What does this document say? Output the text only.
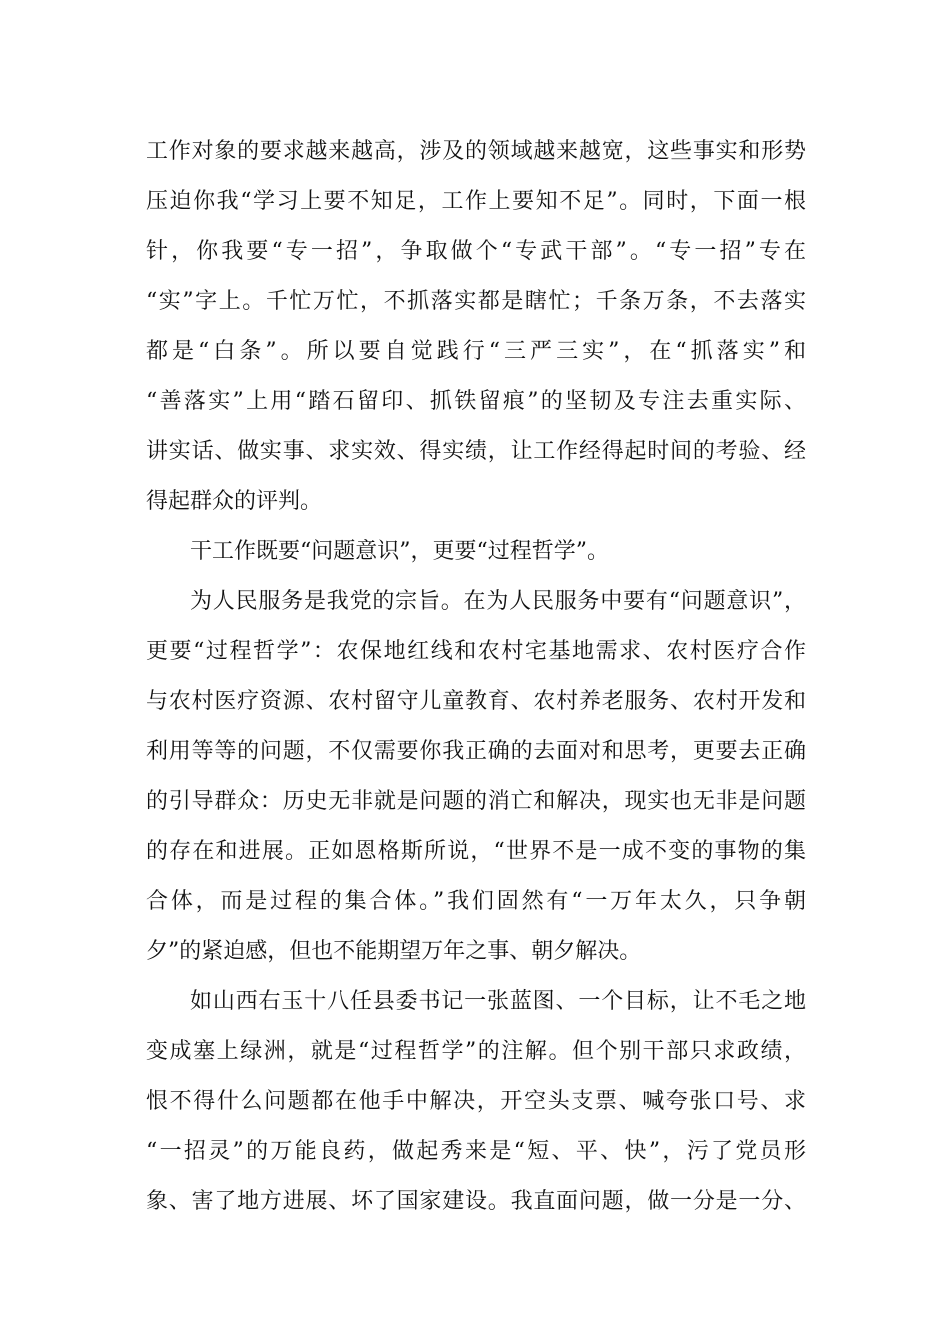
工作对象的要求越来越高，涉及的领域越来越宽，这些事实和形势
压迫你我“学习上要不知足，工作上要知不足”。同时，下面一根
针，你我要“专一招”，争取做个“专武干部”。“专一招”专在
“实”字上。千忙万忙，不抓落实都是瞎忙；千条万条，不去落实
都是“白条”。所以要自觉践行“三严三实”，在“抓落实”和
“善落实”上用“踏石留印、抓铁留痕”的坚韧及专注去重实际、
讲实话、做实事、求实效、得实绩，让工作经得起时间的考验、经
得起群众的评判。
干工作既要“问题意识”，更要“过程哲学”。
为人民服务是我党的宗旨。在为人民服务中要有“问题意识”，
更要“过程哲学”：农保地红线和农村宅基地需求、农村医疗合作
与农村医疗资源、农村留守儿童教育、农村养老服务、农村开发和
利用等等的问题，不仅需要你我正确的去面对和思考，更要去正确
的引导群众：历史无非就是问题的消亡和解决，现实也无非是问题
的存在和进展。正如恩格斯所说，“世界不是一成不变的事物的集
合体，而是过程的集合体。”我们固然有“一万年太久，只争朝
夕”的紧迫感，但也不能期望万年之事、朝夕解决。
如山西右玉十八任县委书记一张蓝图、一个目标，让不毛之地
变成塞上绿洲，就是“过程哲学”的注解。但个别干部只求政绩，
恨不得什么问题都在他手中解决，开空头支票、喊夸张口号、求
“一招灵”的万能良药，做起秀来是“短、平、快”，污了党员形
象、害了地方进展、坏了国家建设。我直面问题，做一分是一分、
